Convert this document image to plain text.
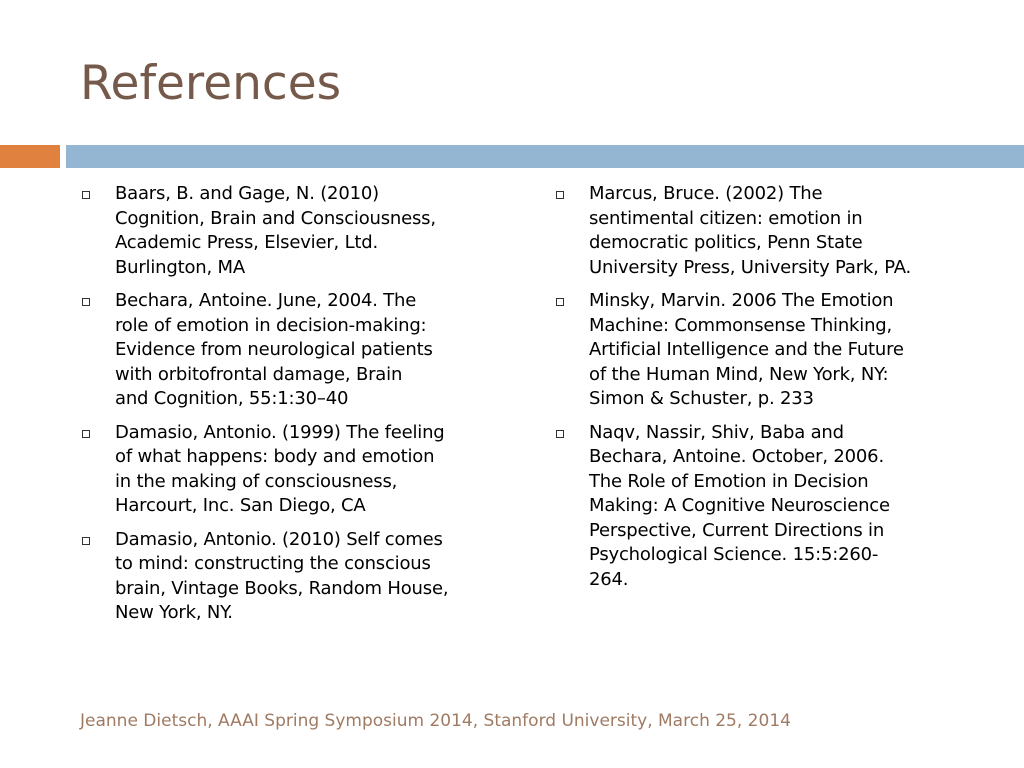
References
Baars, B. and Gage, N. (2010)
Cognition, Brain and Consciousness,
Academic Press, Elsevier, Ltd.
Burlington, MA
Bechara, Antoine. June, 2004. The
role of emotion in decision-making:
Evidence from neurological patients
with orbitofrontal damage, Brain
and Cognition, 55:1:30–40
Damasio, Antonio. (1999) The feeling
of what happens: body and emotion
in the making of consciousness,
Harcourt, Inc. San Diego, CA
Damasio, Antonio. (2010) Self comes
to mind: constructing the conscious
brain, Vintage Books, Random House,
New York, NY.
Marcus, Bruce. (2002) The
sentimental citizen: emotion in
democratic politics, Penn State
University Press, University Park, PA.
Minsky, Marvin. 2006 The Emotion
Machine: Commonsense Thinking,
Artificial Intelligence and the Future
of the Human Mind, New York, NY:
Simon & Schuster, p. 233
Naqv, Nassir, Shiv, Baba and
Bechara, Antoine. October, 2006.
The Role of Emotion in Decision
Making: A Cognitive Neuroscience
Perspective, Current Directions in
Psychological Science. 15:5:260-
264.

Jeanne Dietsch, AAAI Spring Symposium 2014, Stanford University, March 25, 2014
